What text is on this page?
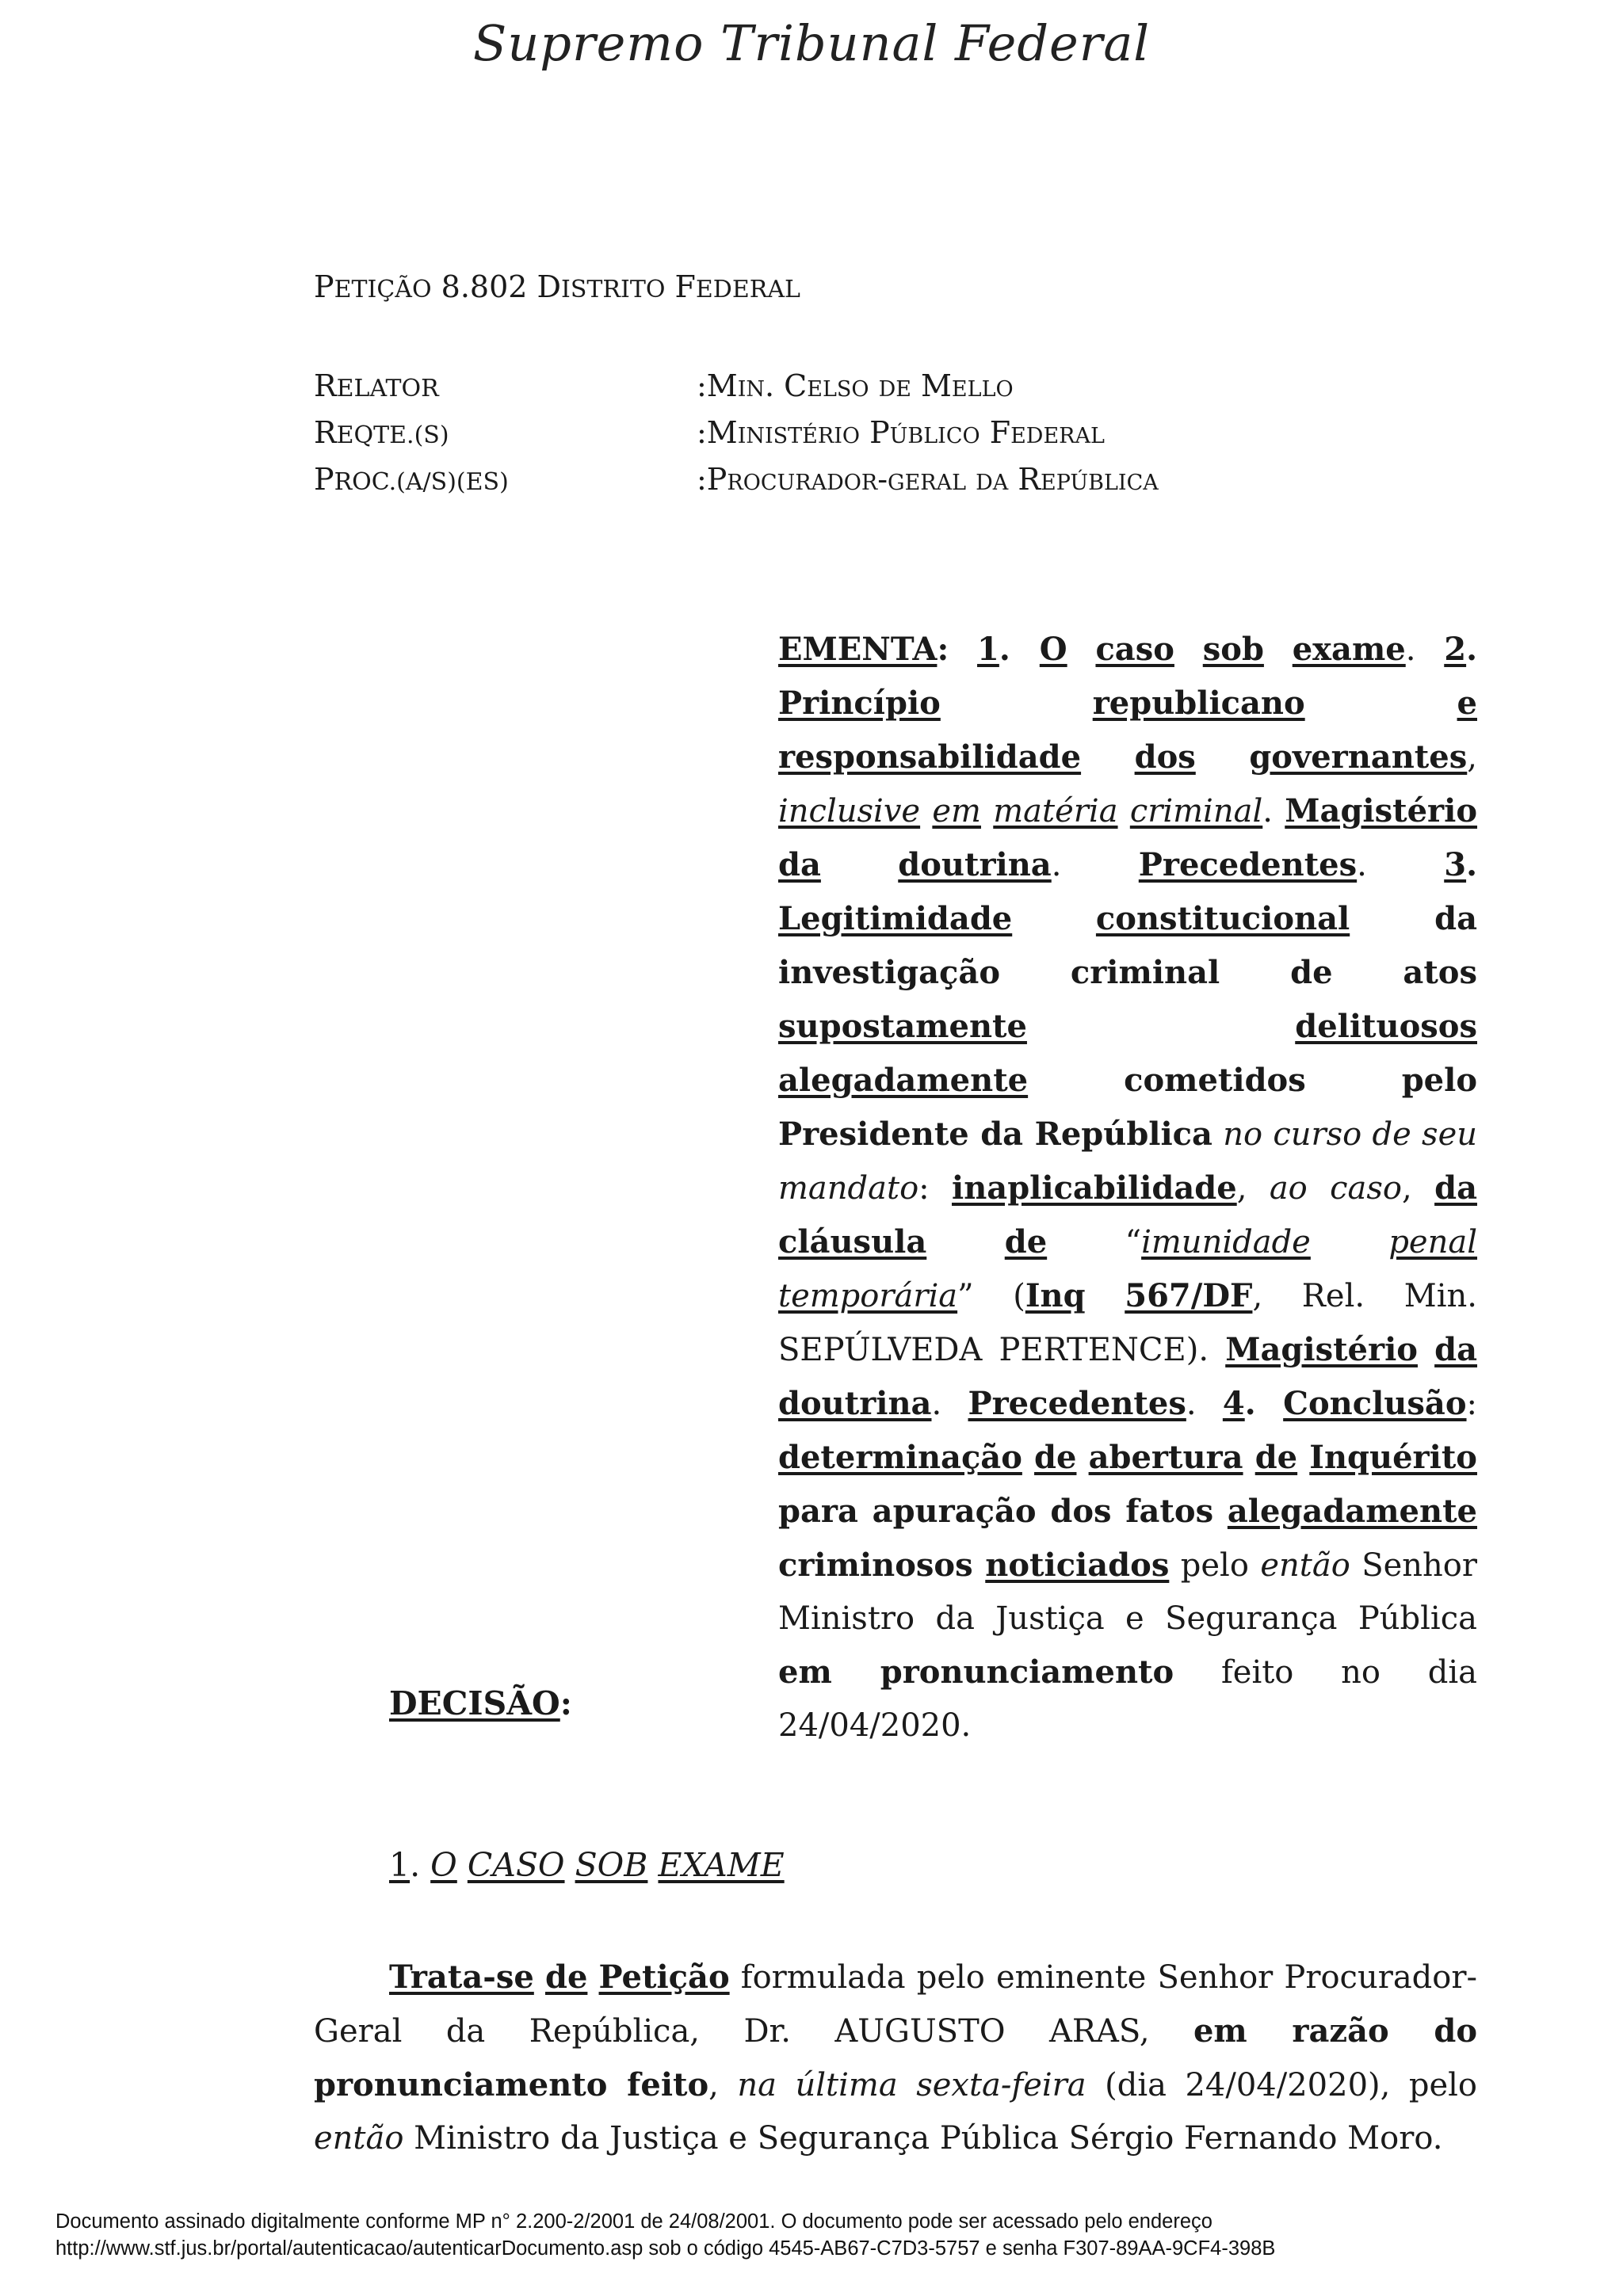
Supremo Tribunal Federal
PETIÇÃO 8.802 DISTRITO FEDERAL
RELATOR	:Min. Celso de Mello
REQTE.(S)	:Ministério Público Federal
PROC.(A/S)(ES)	:Procurador-geral da República
EMENTA: 1. O caso sob exame. 2. Princípio	republicano	e responsabilidade dos governantes, inclusive em matéria criminal. Magistério da doutrina. Precedentes. 3. Legitimidade	constitucional da investigação criminal de atos supostamente	delituosos alegadamente cometidos pelo Presidente da República no curso de seu mandato: inaplicabilidade, ao caso, da cláusula de “imunidade penal temporária” (Inq 567/DF, Rel. Min. SEPÚLVEDA PERTENCE). Magistério da doutrina. Precedentes. 4. Conclusão: determinação de abertura de Inquérito para apuração dos fatos alegadamente criminosos noticiados pelo então Senhor Ministro da Justiça e Segurança Pública em pronunciamento feito no dia 24/04/2020.
DECISÃO:
1. O CASO SOB EXAME
Trata-se de Petição formulada pelo eminente Senhor Procurador-Geral da República, Dr. AUGUSTO ARAS, em razão do pronunciamento feito, na última sexta-feira (dia 24/04/2020), pelo então Ministro da Justiça e Segurança Pública Sérgio Fernando Moro.
Documento assinado digitalmente conforme MP n° 2.200-2/2001 de 24/08/2001. O documento pode ser acessado pelo endereço
http://www.stf.jus.br/portal/autenticacao/autenticarDocumento.asp sob o código 4545-AB67-C7D3-5757 e senha F307-89AA-9CF4-398B
